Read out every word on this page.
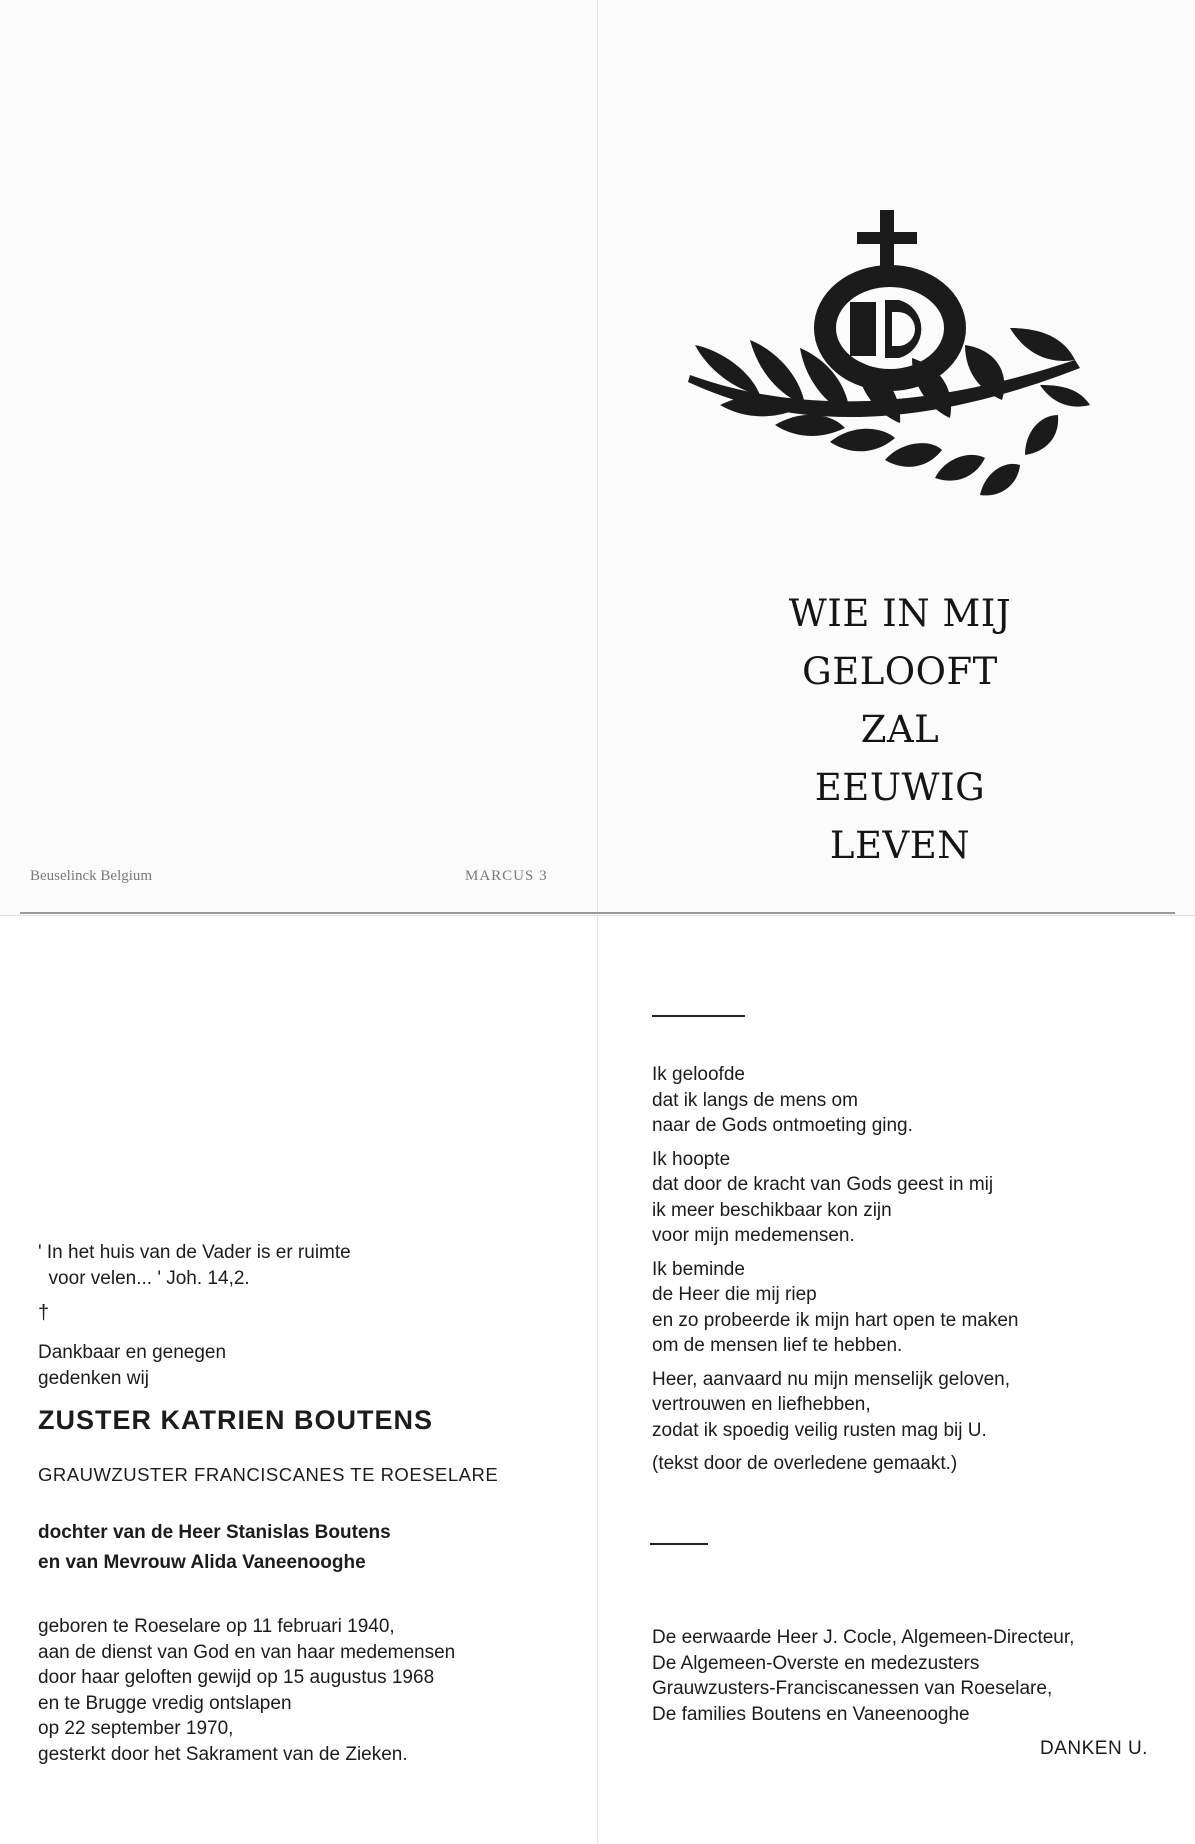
WIE IN MIJ
GELOOFT
ZAL
EEUWIG
LEVEN
Beuselinck Belgium	MARCUS 3
' In het huis van de Vader is er ruimte
voor velen... ' Joh. 14,2.
†
Dankbaar en genegen
gedenken wij
ZUSTER KATRIEN BOUTENS
GRAUWZUSTER FRANCISCANES TE ROESELARE
dochter van de Heer Stanislas Boutens
en van Mevrouw Alida Vaneenooghe
geboren te Roeselare op 11 februari 1940,
aan de dienst van God en van haar medemensen
door haar geloften gewijd op 15 augustus 1968
en te Brugge vredig ontslapen
op 22 september 1970,
gesterkt door het Sakrament van de Zieken.
Ik geloofde
dat ik langs de mens om
naar de Gods ontmoeting ging.
Ik hoopte
dat door de kracht van Gods geest in mij
ik meer beschikbaar kon zijn
voor mijn medemensen.
Ik beminde
de Heer die mij riep
en zo probeerde ik mijn hart open te maken
om de mensen lief te hebben.
Heer, aanvaard nu mijn menselijk geloven,
vertrouwen en liefhebben,
zodat ik spoedig veilig rusten mag bij U.
(tekst door de overledene gemaakt.)
De eerwaarde Heer J. Cocle, Algemeen-Directeur,
De Algemeen-Overste en medezusters
Grauwzusters-Franciscanessen van Roeselare,
De families Boutens en Vaneenooghe
DANKEN U.
